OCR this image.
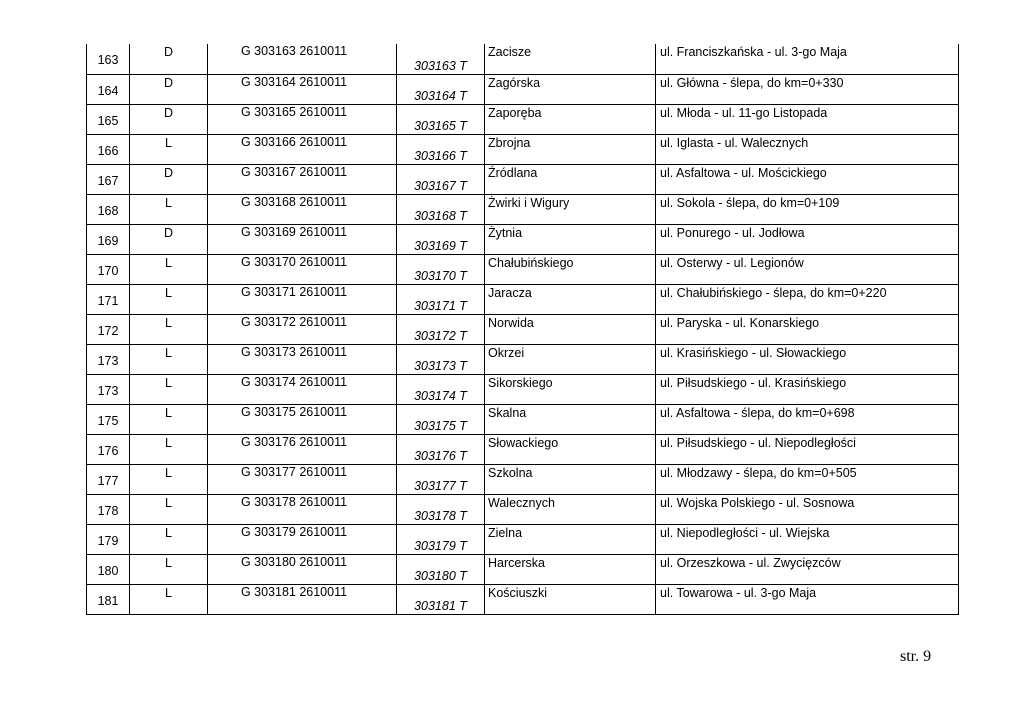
163	D	G 303163 2610011	303163 T	Zacisze	ul. Franciszkańska - ul. 3-go Maja
164	D	G 303164 2610011	303164 T	Zagórska	ul. Główna - ślepa, do km=0+330
165	D	G 303165 2610011	303165 T	Zaporęba	ul. Młoda - ul. 11-go Listopada
166	L	G 303166 2610011	303166 T	Zbrojna	ul. Iglasta - ul. Walecznych
167	D	G 303167 2610011	303167 T	Źródlana	ul. Asfaltowa - ul. Mościckiego
168	L	G 303168 2610011	303168 T	Żwirki i Wigury	ul. Sokola - ślepa, do km=0+109
169	D	G 303169 2610011	303169 T	Żytnia	ul. Ponurego - ul. Jodłowa
170	L	G 303170 2610011	303170 T	Chałubińskiego	ul. Osterwy - ul. Legionów
171	L	G 303171 2610011	303171 T	Jaracza	ul. Chałubińskiego - ślepa, do km=0+220
172	L	G 303172 2610011	303172 T	Norwida	ul. Paryska - ul. Konarskiego
173	L	G 303173 2610011	303173 T	Okrzei	ul. Krasińskiego - ul. Słowackiego
173	L	G 303174 2610011	303174 T	Sikorskiego	ul. Piłsudskiego - ul. Krasińskiego
175	L	G 303175 2610011	303175 T	Skalna	ul. Asfaltowa - ślepa, do km=0+698
176	L	G 303176 2610011	303176 T	Słowackiego	ul. Piłsudskiego - ul. Niepodległości
177	L	G 303177 2610011	303177 T	Szkolna	ul. Młodzawy - ślepa, do km=0+505
178	L	G 303178 2610011	303178 T	Walecznych	ul. Wojska Polskiego - ul. Sosnowa
179	L	G 303179 2610011	303179 T	Zielna	ul. Niepodległości - ul. Wiejska
180	L	G 303180 2610011	303180 T	Harcerska	ul. Orzeszkowa - ul. Zwycięzców
181	L	G 303181 2610011	303181 T	Kościuszki	ul. Towarowa - ul. 3-go Maja
str. 9
